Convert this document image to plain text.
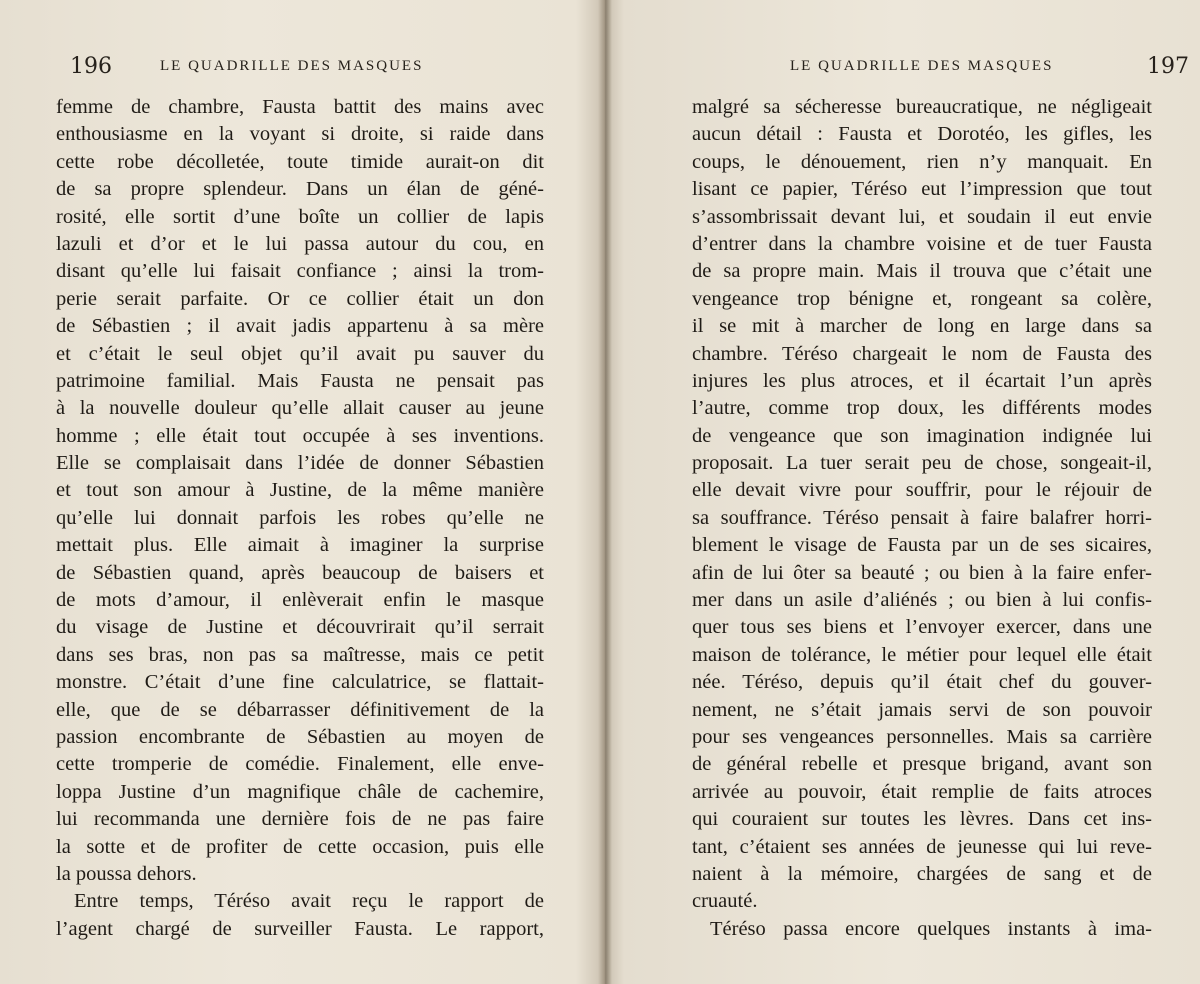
196	LE QUADRILLE DES MASQUES
femme de chambre, Fausta battit des mains avec
enthousiasme en la voyant si droite, si raide dans
cette robe décolletée, toute timide aurait-on dit
de sa propre splendeur. Dans un élan de géné-
rosité, elle sortit d’une boîte un collier de lapis
lazuli et d’or et le lui passa autour du cou, en
disant qu’elle lui faisait confiance ; ainsi la trom-
perie serait parfaite. Or ce collier était un don
de Sébastien ; il avait jadis appartenu à sa mère
et c’était le seul objet qu’il avait pu sauver du
patrimoine familial. Mais Fausta ne pensait pas
à la nouvelle douleur qu’elle allait causer au jeune
homme ; elle était tout occupée à ses inventions.
Elle se complaisait dans l’idée de donner Sébastien
et tout son amour à Justine, de la même manière
qu’elle lui donnait parfois les robes qu’elle ne
mettait plus. Elle aimait à imaginer la surprise
de Sébastien quand, après beaucoup de baisers et
de mots d’amour, il enlèverait enfin le masque
du visage de Justine et découvrirait qu’il serrait
dans ses bras, non pas sa maîtresse, mais ce petit
monstre. C’était d’une fine calculatrice, se flattait-
elle, que de se débarrasser définitivement de la
passion encombrante de Sébastien au moyen de
cette tromperie de comédie. Finalement, elle enve-
loppa Justine d’un magnifique châle de cachemire,
lui recommanda une dernière fois de ne pas faire
la sotte et de profiter de cette occasion, puis elle
la poussa dehors.
Entre temps, Téréso avait reçu le rapport de
l’agent chargé de surveiller Fausta. Le rapport,
LE QUADRILLE DES MASQUES	197
malgré sa sécheresse bureaucratique, ne négligeait
aucun détail : Fausta et Dorotéo, les gifles, les
coups, le dénouement, rien n’y manquait. En
lisant ce papier, Téréso eut l’impression que tout
s’assombrissait devant lui, et soudain il eut envie
d’entrer dans la chambre voisine et de tuer Fausta
de sa propre main. Mais il trouva que c’était une
vengeance trop bénigne et, rongeant sa colère,
il se mit à marcher de long en large dans sa
chambre. Téréso chargeait le nom de Fausta des
injures les plus atroces, et il écartait l’un après
l’autre, comme trop doux, les différents modes
de vengeance que son imagination indignée lui
proposait. La tuer serait peu de chose, songeait-il,
elle devait vivre pour souffrir, pour le réjouir de
sa souffrance. Téréso pensait à faire balafrer horri-
blement le visage de Fausta par un de ses sicaires,
afin de lui ôter sa beauté ; ou bien à la faire enfer-
mer dans un asile d’aliénés ; ou bien à lui confis-
quer tous ses biens et l’envoyer exercer, dans une
maison de tolérance, le métier pour lequel elle était
née. Téréso, depuis qu’il était chef du gouver-
nement, ne s’était jamais servi de son pouvoir
pour ses vengeances personnelles. Mais sa carrière
de général rebelle et presque brigand, avant son
arrivée au pouvoir, était remplie de faits atroces
qui couraient sur toutes les lèvres. Dans cet ins-
tant, c’étaient ses années de jeunesse qui lui reve-
naient à la mémoire, chargées de sang et de
cruauté.
Téréso passa encore quelques instants à ima-
